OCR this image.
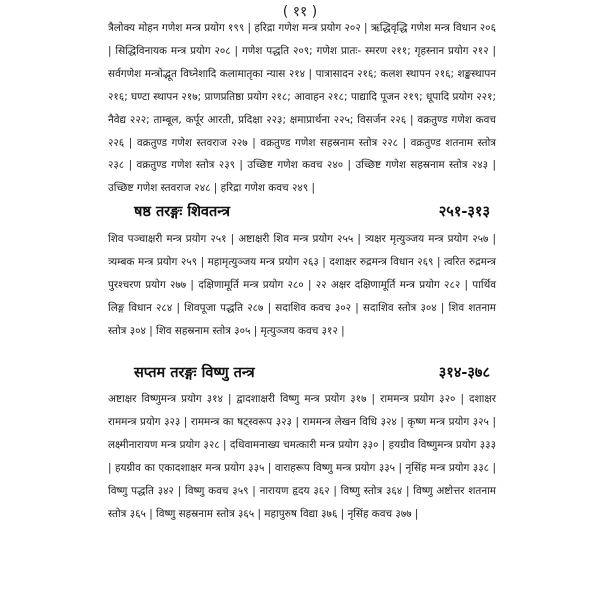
( ११ )

त्रैलोक्य मोहन गणेश मन्त्र प्रयोग १९९ | हरिद्रा गणेश मन्त्र प्रयोग २०२ | ऋद्धिवृद्धि गणेश मन्त्र विधान २०६ | सिद्धिविनायक मन्त्र प्रयोग २०८ | गणेश पद्धति २०९; गणेश प्रातः- स्मरण २११; गृहस्नान प्रयोग २१२ | सर्वगणेश मन्त्रोद्भूत विघ्नेशादि कलामातृका न्यास २१४ | पात्रासादन २१६; कलश स्थापन २१६; शङ्खस्थापन २१६; घण्टा स्थापन २१७; प्राणप्रतिष्ठा प्रयोग २१८; आवाहन २१८; पाद्यादि पूजन २१९; धूपादि प्रयोग २२१; नैवेद्य २२२; ताम्बूल, कर्पूर आरती, प्रदिक्षा २२३; क्षमाप्रार्थना २२५; विसर्जन २२६ | वक्रतुण्ड गणेश कवच २२६ | वक्रतुण्ड गणेश स्तवराज २२७ | वक्रतुण्ड गणेश सहस्रनाम स्तोत्र २२८ | वक्रतुण्ड शतनाम स्तोत्र २३८ | वक्रतुण्ड गणेश स्तोत्र २३९ | उच्छिष्ट गणेश कवच २४० | उच्छिष्ट गणेश सहस्रनाम स्तोत्र २४३ | उच्छिष्ट गणेश स्तवराज २४८ | हरिद्रा गणेश कवच २४९ |

षष्ठ तरङ्गः शिवतन्त्र	२५१-३१३

शिव पञ्चाक्षरी मन्त्र प्रयोग २५१ | अष्टाक्षरी शिव मन्त्र प्रयोग २५५ | त्र्यक्षर मृत्युञ्जय मन्त्र प्रयोग २५७ | त्र्यम्बक मन्त्र प्रयोग २५९ | महामृत्युञ्जय मन्त्र प्रयोग २६३ | दशाक्षर रुद्रमन्त्र विधान २६९ | त्वरित रुद्रमन्त्र पुरश्चरण प्रयोग २७७ | दक्षिणामूर्ति मन्त्र प्रयोग २८० | २२ अक्षर दक्षिणामूर्ति मन्त्र प्रयोग २८२ | पार्थिव लिङ्ग विधान २८४ | शिवपूजा पद्धति २८७ | सदाशिव कवच ३०२ | सदाशिव स्तोत्र ३०४ | शिव शतनाम स्तोत्र ३०४ | शिव सहस्रनाम स्तोत्र ३०५ | मृत्युञ्जय कवच ३१२ |

सप्तम तरङ्गः विष्णु तन्त्र	३१४-३७८

अष्टाक्षर विष्णुमन्त्र प्रयोग ३१४ | द्वादशाक्षरी विष्णु मन्त्र प्रयोग ३१७ | राममन्त्र प्रयोग ३२० | दशाक्षर राममन्त्र प्रयोग ३२३ | राममन्त्र का षट्स्वरूप ३२३ | राममन्त्र लेखन विधि ३२४ | कृष्ण मन्त्र प्रयोग ३२५ | लक्ष्मीनारायण मन्त्र प्रयोग ३२८ | दधिवामनाख्य चमत्कारी मन्त्र प्रयोग ३३० | हयग्रीव विष्णुमन्त्र प्रयोग ३३३ | हयग्रीव का एकादशाक्षर मन्त्र प्रयोग ३३५ | वाराहरूप विष्णु मन्त्र प्रयोग ३३५ | नृसिंह मन्त्र प्रयोग ३३८ | विष्णु पद्धति ३४२ | विष्णु कवच ३५९ | नारायण हृदय ३६२ | विष्णु स्तोत्र ३६४ | विष्णु अष्टोत्तर शतनाम स्तोत्र ३६५ | विष्णु सहस्रनाम स्तोत्र ३६५ | महापुरुष विद्या ३७६ | नृसिंह कवच ३७७ |
